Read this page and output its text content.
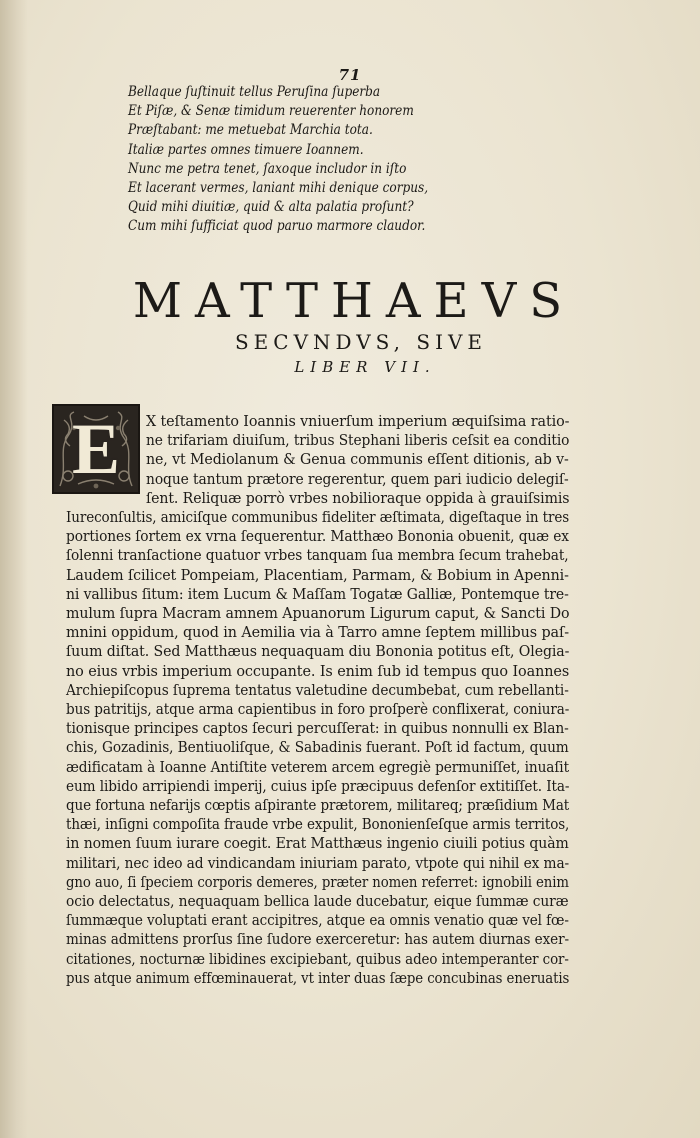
71
Bellaque ſuſtinuit tellus Peruſina ſuperba
Et Piſæ, & Senæ timidum reuerenter honorem
Præſtabant: me metuebat Marchia tota.
Italiæ partes omnes timuere Ioannem.
Nunc me petra tenet, ſaxoque includor in iſto
Et lacerant vermes, laniant mihi denique corpus,
Quid mihi diuitiæ, quid & alta palatia proſunt?
Cum mihi ſufficiat quod paruo marmore claudor.
MATTHAEVS
SECVNDVS, SIVE
LIBER VII.
E	X teſtamento Ioannis vniuerſum imperium æquiſsima ratio-
ne trifariam diuiſum, tribus Stephani liberis ceſsit ea conditio
ne, vt Mediolanum & Genua communis eſſent ditionis, ab v-
noque tantum prætore regerentur, quem pari iudicio delegiſ-
ſent. Reliquæ porrò vrbes nobilioraque oppida à grauiſsimis
Iureconſultis, amiciſque communibus fideliter æſtimata, digeſtaque in tres
portiones ſortem ex vrna ſequerentur. Matthæo Bononia obuenit, quæ ex
ſolenni tranſactione quatuor vrbes tanquam ſua membra ſecum trahebat,
Laudem ſcilicet Pompeiam, Placentiam, Parmam, & Bobium in Apenni-
ni vallibus ſitum: item Lucum & Maſſam Togatæ Galliæ, Pontemque tre-
mulum ſupra Macram amnem Apuanorum Ligurum caput, & Sancti Do
mnini oppidum, quod in Aemilia via à Tarro amne ſeptem millibus paſ-
ſuum diſtat. Sed Matthæus nequaquam diu Bononia potitus eſt, Olegia-
no eius vrbis imperium occupante. Is enim ſub id tempus quo Ioannes
Archiepiſcopus ſuprema tentatus valetudine decumbebat, cum rebellanti-
bus patritijs, atque arma capientibus in foro proſperè conflixerat, coniura-
tionisque principes captos ſecuri percuſſerat: in quibus nonnulli ex Blan-
chis, Gozadinis, Bentiuoliſque, & Sabadinis fuerant. Poſt id factum, quum
ædificatam à Ioanne Antiſtite veterem arcem egregiè permuniſſet, inuaſit
eum libido arripiendi imperij, cuius ipſe præcipuus defenſor extitiſſet. Ita-
que fortuna nefarijs cœptis aſpirante prætorem, militareq; præſidium Mat
thæi, inſigni compoſita fraude vrbe expulit, Bononienſeſque armis territos,
in nomen ſuum iurare coegit. Erat Matthæus ingenio ciuili potius quàm
militari, nec ideo ad vindicandam iniuriam parato, vtpote qui nihil ex ma-
gno auo, ſi ſpeciem corporis demeres, præter nomen referret: ignobili enim
ocio delectatus, nequaquam bellica laude ducebatur, eique ſummæ curæ
ſummæque voluptati erant accipitres, atque ea omnis venatio quæ vel fœ-
minas admittens prorſus ſine ſudore exerceretur: has autem diurnas exer-
citationes, nocturnæ libidines excipiebant, quibus adeo intemperanter cor-
pus atque animum effœminauerat, vt inter duas ſæpe concubinas eneruatis
